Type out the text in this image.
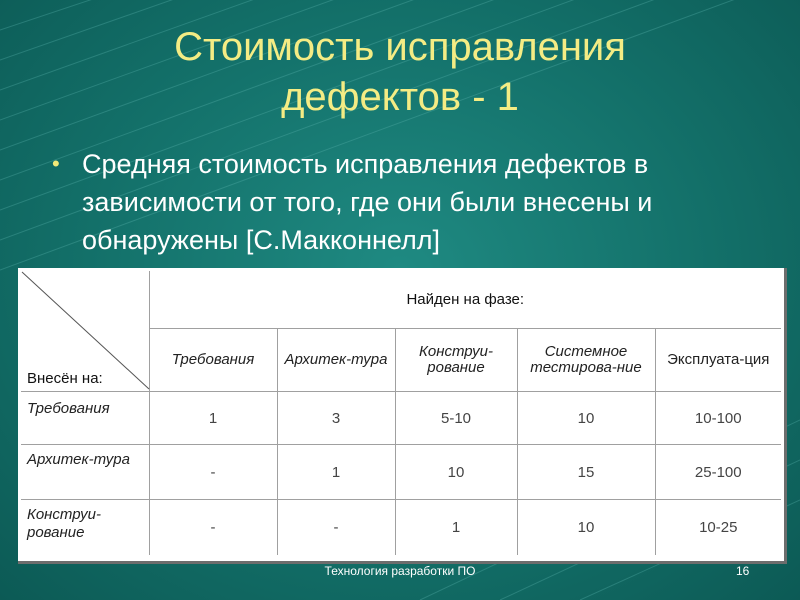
Стоимость исправления
дефектов - 1
• Средняя стоимость исправления дефектов в зависимости от того, где они были внесены и обнаружены [С.Макконнелл]
Внесён на:	Найден на фазе:				
	Требования	Архитек-тура	Конструи-рование	Системное тестирова-ние	Эксплуата-ция
Требования	1	3	5-10	10	10-100
Архитек-тура	-	1	10	15	25-100
Конструи-рование	-	-	1	10	10-25
Технология разработки ПО	16
